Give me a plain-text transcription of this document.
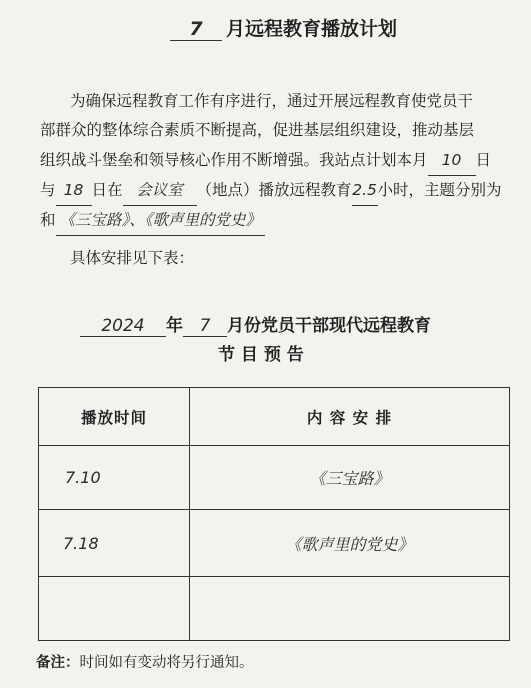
7 月远程教育播放计划
为确保远程教育工作有序进行，通过开展远程教育使党员干
部群众的整体综合素质不断提高，促进基层组织建设，推动基层
组织战斗堡垒和领导核心作用不断增强。我站点计划本月 10 日
与 18 日在 会议室 （地点）播放远程教育2.5小时，主题分别为
和 《三宝路》、《歌声里的党史》
具体安排见下表：
2024 年 7 月份党员干部现代远程教育
节 目 预 告
播放时间	内 容 安 排
7.10	《三宝路》
7.18	《歌声里的党史》

备注：时间如有变动将另行通知。
